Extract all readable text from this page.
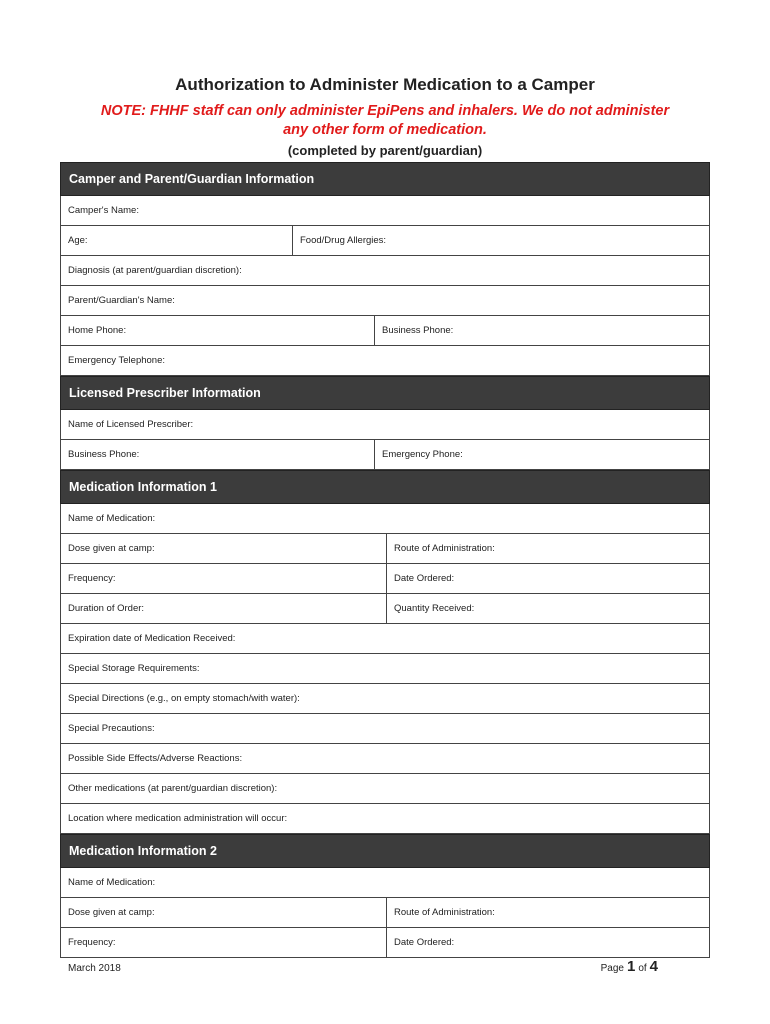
Authorization to Administer Medication to a Camper
NOTE: FHHF staff can only administer EpiPens and inhalers. We do not administer any other form of medication.
(completed by parent/guardian)
Camper and Parent/Guardian Information
Camper's Name:
Age:	Food/Drug Allergies:
Diagnosis (at parent/guardian discretion):
Parent/Guardian's Name:
Home Phone:	Business Phone:
Emergency Telephone:
Licensed Prescriber Information
Name of Licensed Prescriber:
Business Phone:	Emergency Phone:
Medication Information 1
Name of Medication:
Dose given at camp:	Route of Administration:
Frequency:	Date Ordered:
Duration of Order:	Quantity Received:
Expiration date of Medication Received:
Special Storage Requirements:
Special Directions (e.g., on empty stomach/with water):
Special Precautions:
Possible Side Effects/Adverse Reactions:
Other medications (at parent/guardian discretion):
Location where medication administration will occur:
Medication Information 2
Name of Medication:
Dose given at camp:	Route of Administration:
Frequency:	Date Ordered:
March 2018	Page 1 of 4
